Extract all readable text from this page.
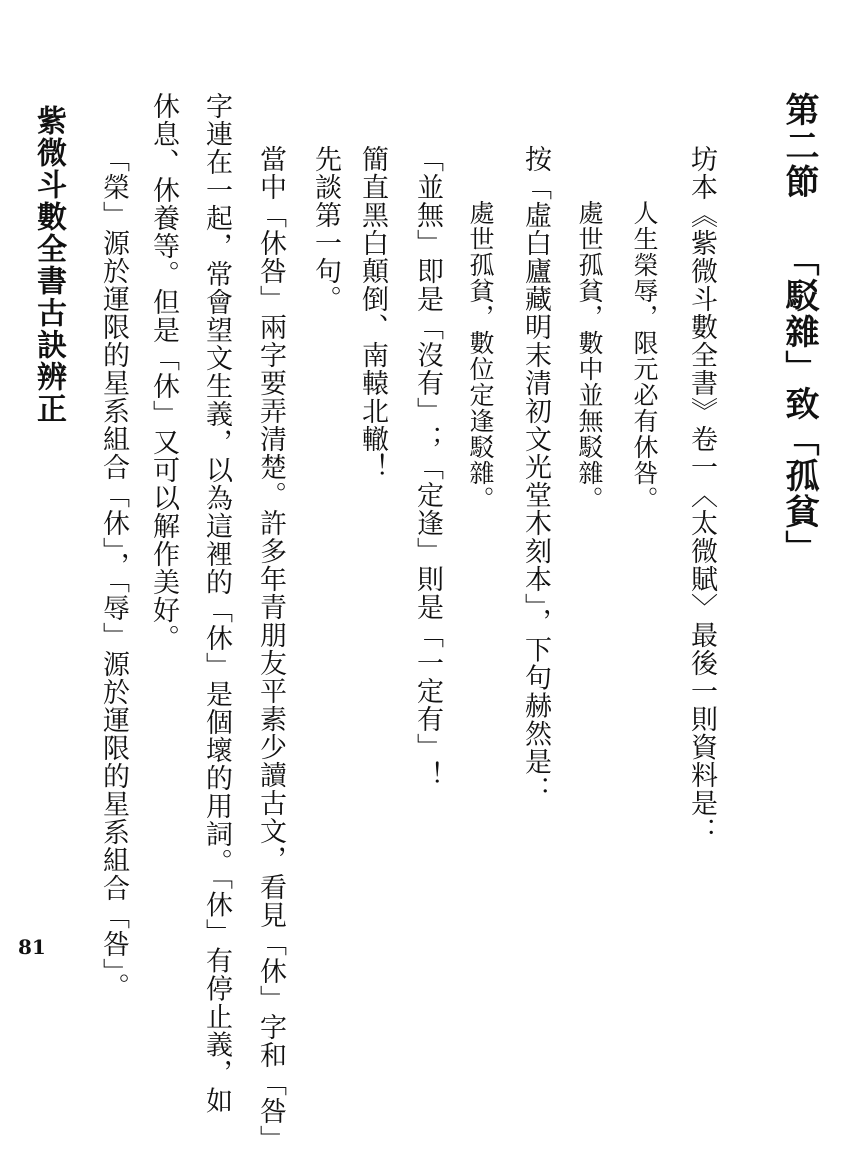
第二節 「駁雜」致「孤貧」
坊本《紫微斗數全書》卷一〈太微賦〉最後一則資料是：
人生榮辱，限元必有休咎。
處世孤貧，數中並無駁雜。
按「虛白廬藏明末清初文光堂木刻本」，下句赫然是：
處世孤貧，數位定逢駁雜。
「並無」即是「沒有」；「定逢」則是「一定有」！
簡直黑白顛倒、南轅北轍！
先談第一句。
當中「休咎」兩字要弄清楚。許多年青朋友平素少讀古文，看見「休」字和「咎」
字連在一起，常會望文生義，以為這裡的「休」是個壞的用詞。「休」有停止義，如
休息、休養等。但是「休」又可以解作美好。
「榮」源於運限的星系組合「休」，「辱」源於運限的星系組合「咎」。
紫微斗數全書古訣辨正
81
